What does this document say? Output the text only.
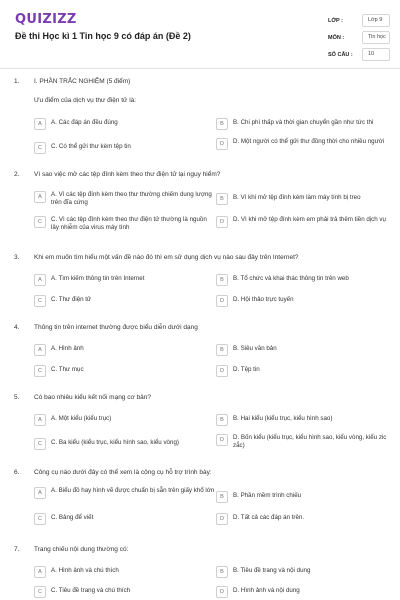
QUIZIZZ
Đề thi Học kì 1 Tin học 9 có đáp án (Đề 2)
LỚP :	Lớp 9
MÔN :	Tin học
SỐ CÂU :	10
1. I. PHẦN TRẮC NGHIỆM (5 điểm)
Ưu điểm của dịch vụ thư điện tử là:
A	A. Các đáp án đều đúng	B	B. Chi phí thấp và thời gian chuyển gần như tức thì
C	C. Có thể gửi thư kèm tệp tin	D	D. Một người có thể gửi thư đồng thời cho nhiều người
2. Vì sao việc mở các tệp đính kèm theo thư điện tử lại nguy hiểm?
A	A. Vì các tệp đính kèm theo thư thường chiếm dung lượng trên đĩa cứng	B	B. Vì khi mở tệp đính kèm làm máy tính bị treo
C	C. Vì các tệp đính kèm theo thư điện tử thường là nguồn lây nhiễm của virus máy tính
D	D. Vì khi mở tệp đính kèm em phải trả thêm tiền dịch vụ
3. Khi em muốn tìm hiểu một vấn đề nào đó thì em sử dụng dịch vụ nào sau đây trên Internet?
A	A. Tìm kiếm thông tin trên Internet	B	B. Tổ chức và khai thác thông tin trên web
C	C. Thư điện tử	D	D. Hội thảo trực tuyến
4. Thông tin trên internet thường được biểu diễn dưới dạng
A	A. Hình ảnh	B	B. Siêu văn bản
C	C. Thư mục	D	D. Tệp tin
5. Có bao nhiêu kiểu kết nối mạng cơ bản?
A	A. Một kiểu (kiểu trục)	B	B. Hai kiểu (kiểu trục, kiểu hình sao)
C	C. Ba kiểu (kiểu trục, kiểu hình sao, kiểu vòng)	D	D. Bốn kiểu (kiểu trục, kiểu hình sao, kiểu vòng, kiểu zic zắc)
6. Công cụ nào dưới đây có thể xem là công cụ hỗ trợ trình bày:
A	A. Biểu đồ hay hình vẽ được chuẩn bị sẵn trên giấy khổ lớn
B	B. Phần mềm trình chiếu
C	C. Bảng để viết	D	D. Tất cả các đáp án trên.
7. Trang chiếu nội dung thường có:
A	A. Hình ảnh và chú thích	B	B. Tiêu đề trang và nội dung
C	C. Tiêu đề trang và chú thích	D	D. Hình ảnh và nội dung
